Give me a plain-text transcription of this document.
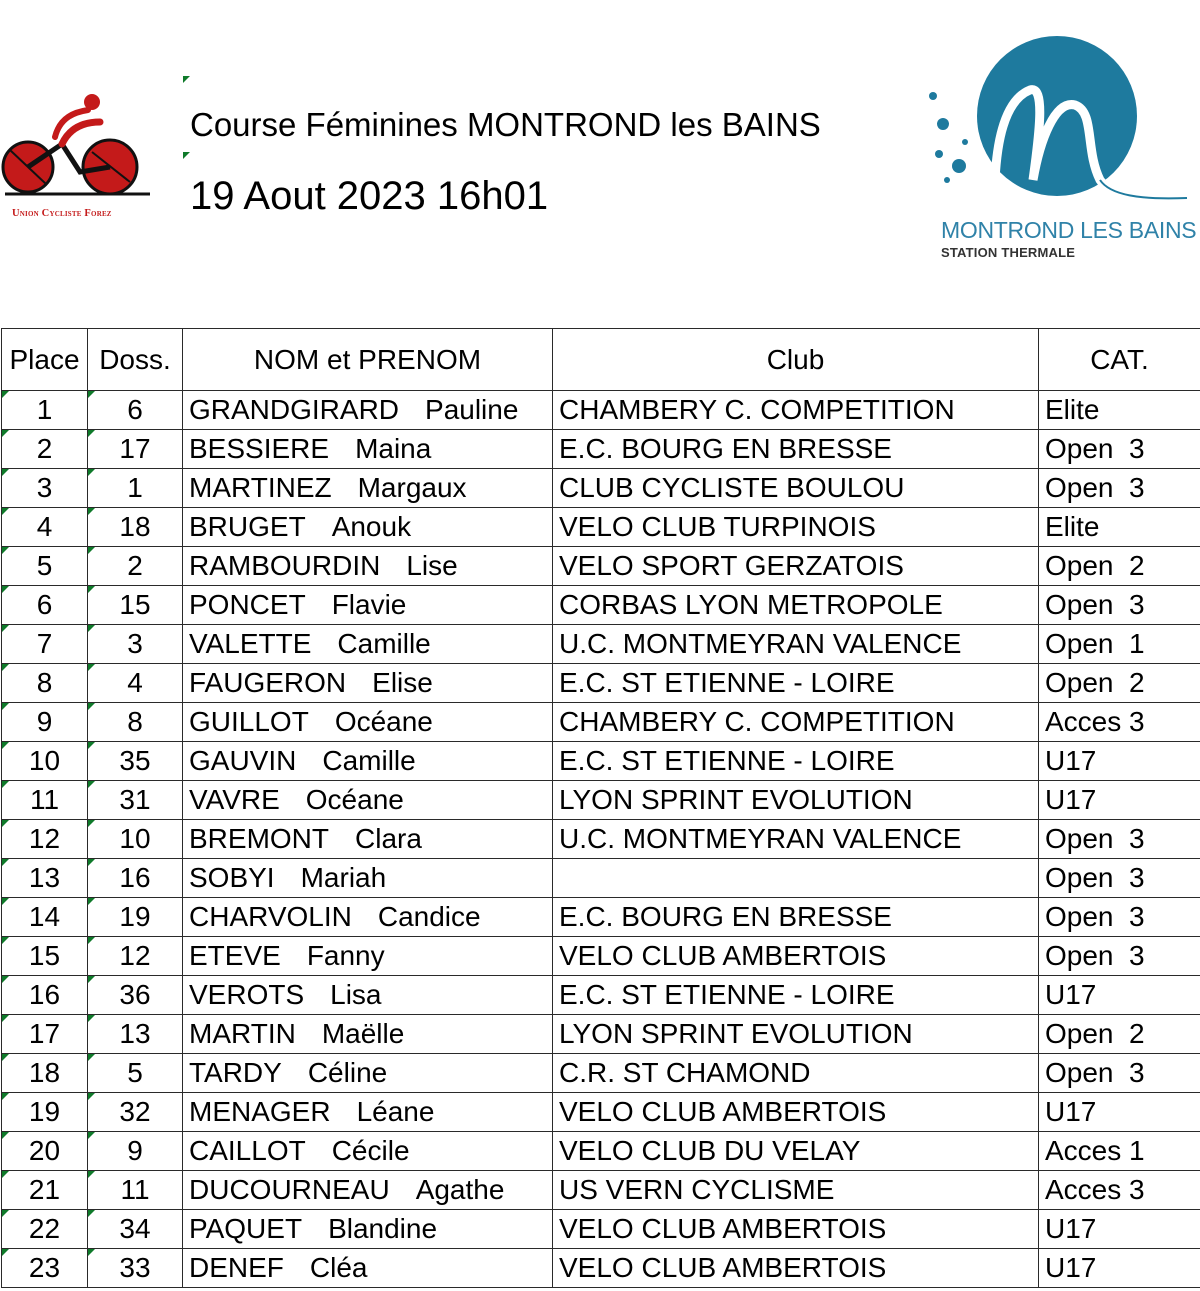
Union Cycliste Forez
Course Féminines MONTROND les BAINS
19 Aout 2023 16h01
MONTROND LES BAINS
STATION THERMALE
Place	Doss.	NOM et PRENOM	Club	CAT.
1	6	GRANDGIRARD Pauline	CHAMBERY C. COMPETITION	Elite
2	17	BESSIERE Maina	E.C. BOURG EN BRESSE	Open  3
3	1	MARTINEZ Margaux	CLUB CYCLISTE BOULOU	Open  3
4	18	BRUGET Anouk	VELO CLUB TURPINOIS	Elite
5	2	RAMBOURDIN Lise	VELO SPORT GERZATOIS	Open  2
6	15	PONCET Flavie	CORBAS LYON METROPOLE	Open  3
7	3	VALETTE Camille	U.C. MONTMEYRAN VALENCE	Open  1
8	4	FAUGERON Elise	E.C. ST ETIENNE - LOIRE	Open  2
9	8	GUILLOT Océane	CHAMBERY C. COMPETITION	Acces 3
10	35	GAUVIN Camille	E.C. ST ETIENNE - LOIRE	U17
11	31	VAVRE Océane	LYON SPRINT EVOLUTION	U17
12	10	BREMONT Clara	U.C. MONTMEYRAN VALENCE	Open  3
13	16	SOBYI Mariah		Open  3
14	19	CHARVOLIN Candice	E.C. BOURG EN BRESSE	Open  3
15	12	ETEVE Fanny	VELO CLUB AMBERTOIS	Open  3
16	36	VEROTS Lisa	E.C. ST ETIENNE - LOIRE	U17
17	13	MARTIN Maëlle	LYON SPRINT EVOLUTION	Open  2
18	5	TARDY Céline	C.R. ST CHAMOND	Open  3
19	32	MENAGER Léane	VELO CLUB AMBERTOIS	U17
20	9	CAILLOT Cécile	VELO CLUB DU VELAY	Acces 1
21	11	DUCOURNEAU Agathe	US VERN CYCLISME	Acces 3
22	34	PAQUET Blandine	VELO CLUB AMBERTOIS	U17
23	33	DENEF Cléa	VELO CLUB AMBERTOIS	U17
